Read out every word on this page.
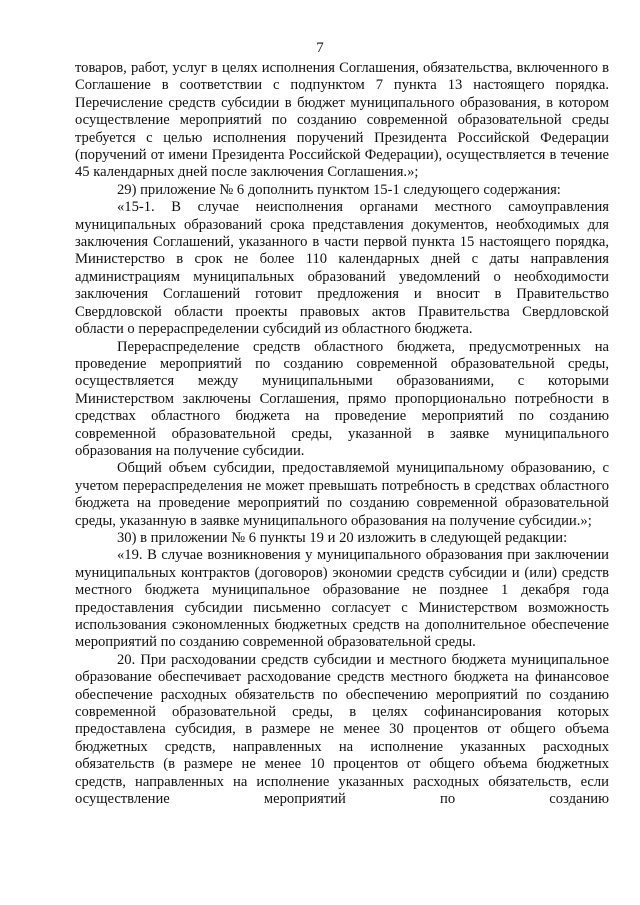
7

товаров, работ, услуг в целях исполнения Соглашения, обязательства, включенного в Соглашение в соответствии с подпунктом 7 пункта 13 настоящего порядка. Перечисление средств субсидии в бюджет муниципального образования, в котором осуществление мероприятий по созданию современной образовательной среды требуется с целью исполнения поручений Президента Российской Федерации (поручений от имени Президента Российской Федерации), осуществляется в течение 45 календарных дней после заключения Соглашения.»;

29) приложение № 6 дополнить пунктом 15-1 следующего содержания:

«15-1. В случае неисполнения органами местного самоуправления муниципальных образований срока представления документов, необходимых для заключения Соглашений, указанного в части первой пункта 15 настоящего порядка, Министерство в срок не более 110 календарных дней с даты направления администрациям муниципальных образований уведомлений о необходимости заключения Соглашений готовит предложения и вносит в Правительство Свердловской области проекты правовых актов Правительства Свердловской области о перераспределении субсидий из областного бюджета.

Перераспределение средств областного бюджета, предусмотренных на проведение мероприятий по созданию современной образовательной среды, осуществляется между муниципальными образованиями, с которыми Министерством заключены Соглашения, прямо пропорционально потребности в средствах областного бюджета на проведение мероприятий по созданию современной образовательной среды, указанной в заявке муниципального образования на получение субсидии.

Общий объем субсидии, предоставляемой муниципальному образованию, с учетом перераспределения не может превышать потребность в средствах областного бюджета на проведение мероприятий по созданию современной образовательной среды, указанную в заявке муниципального образования на получение субсидии.»;

30) в приложении № 6 пункты 19 и 20 изложить в следующей редакции:

«19. В случае возникновения у муниципального образования при заключении муниципальных контрактов (договоров) экономии средств субсидии и (или) средств местного бюджета муниципальное образование не позднее 1 декабря года предоставления субсидии письменно согласует с Министерством возможность использования сэкономленных бюджетных средств на дополнительное обеспечение мероприятий по созданию современной образовательной среды.

20. При расходовании средств субсидии и местного бюджета муниципальное образование обеспечивает расходование средств местного бюджета на финансовое обеспечение расходных обязательств по обеспечению мероприятий по созданию современной образовательной среды, в целях софинансирования которых предоставлена субсидия, в размере не менее 30 процентов от общего объема бюджетных средств, направленных на исполнение указанных расходных обязательств (в размере не менее 10 процентов от общего объема бюджетных средств, направленных на исполнение указанных расходных обязательств, если осуществление мероприятий по созданию
